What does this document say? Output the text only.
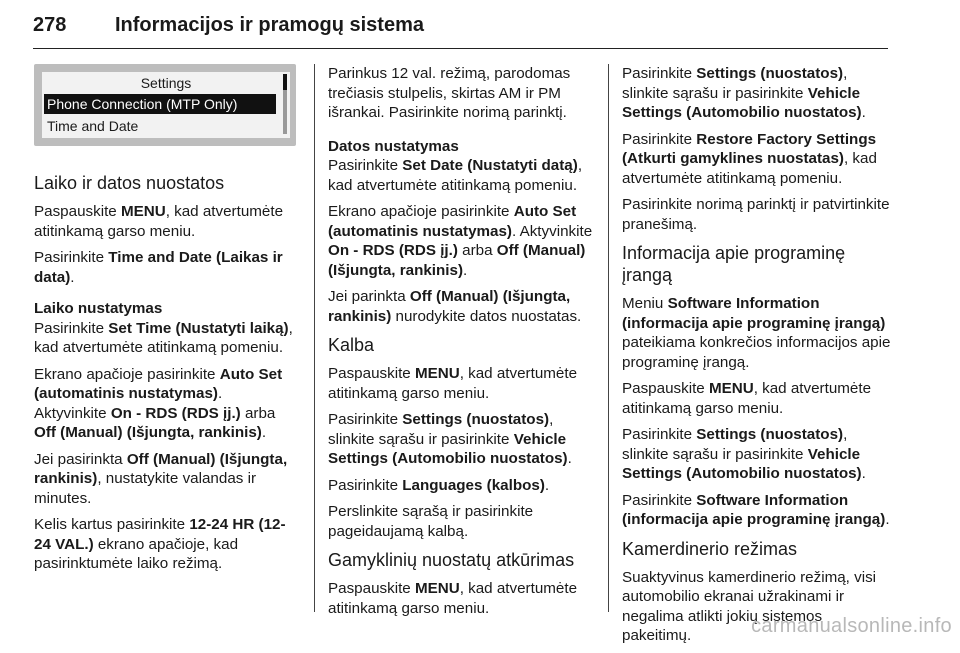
278 Informacijos ir pramogų sistema
Settings
Phone Connection (MTP Only)
Time and Date
Laiko ir datos nuostatos

Paspauskite MENU, kad atvertumėte atitinkamą garso meniu.

Pasirinkite Time and Date (Laikas ir data).

Laiko nustatymas

Pasirinkite Set Time (Nustatyti laiką), kad atvertumėte atitinkamą pomeniu.

Ekrano apačioje pasirinkite Auto Set (automatinis nustatymas). Aktyvinkite On - RDS (RDS įj.) arba Off (Manual) (Išjungta, rankinis).

Jei pasirinkta Off (Manual) (Išjungta, rankinis), nustatykite valandas ir minutes.

Kelis kartus pasirinkite 12-24 HR (12-24 VAL.) ekrano apačioje, kad pasirinktumėte laiko režimą.

Parinkus 12 val. režimą, parodomas trečiasis stulpelis, skirtas AM ir PM išrankai. Pasirinkite norimą parinktį.

Datos nustatymas

Pasirinkite Set Date (Nustatyti datą), kad atvertumėte atitinkamą pomeniu.

Ekrano apačioje pasirinkite Auto Set (automatinis nustatymas). Aktyvinkite On - RDS (RDS įj.) arba Off (Manual) (Išjungta, rankinis).

Jei parinkta Off (Manual) (Išjungta, rankinis) nurodykite datos nuostatas.

Kalba

Paspauskite MENU, kad atvertumėte atitinkamą garso meniu.

Pasirinkite Settings (nuostatos), slinkite sąrašu ir pasirinkite Vehicle Settings (Automobilio nuostatos).

Pasirinkite Languages (kalbos).

Perslinkite sąrašą ir pasirinkite pageidaujamą kalbą.

Gamyklinių nuostatų atkūrimas

Paspauskite MENU, kad atvertumėte atitinkamą garso meniu.

Pasirinkite Settings (nuostatos), slinkite sąrašu ir pasirinkite Vehicle Settings (Automobilio nuostatos).

Pasirinkite Restore Factory Settings (Atkurti gamyklines nuostatas), kad atvertumėte atitinkamą pomeniu.

Pasirinkite norimą parinktį ir patvirtinkite pranešimą.

Informacija apie programinę įrangą

Meniu Software Information (informacija apie programinę įrangą) pateikiama konkrečios informacijos apie programinę įrangą.

Paspauskite MENU, kad atvertumėte atitinkamą garso meniu.

Pasirinkite Settings (nuostatos), slinkite sąrašu ir pasirinkite Vehicle Settings (Automobilio nuostatos).

Pasirinkite Software Information (informacija apie programinę įrangą).

Kamerdinerio režimas

Suaktyvinus kamerdinerio režimą, visi automobilio ekranai užrakinami ir negalima atlikti jokių sistemos pakeitimų.	carmanualsonline.info
